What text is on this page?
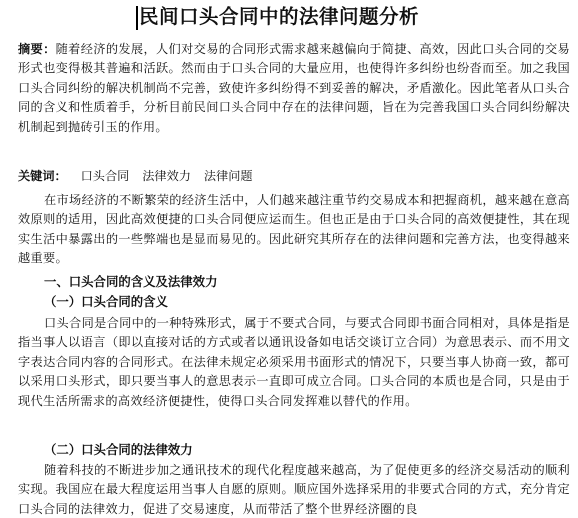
民间口头合同中的法律问题分析

摘要：随着经济的发展，人们对交易的合同形式需求越来越偏向于简捷、高效，因此口头合同的交易形式也变得极其普遍和活跃。然而由于口头合同的大量应用，也使得许多纠纷也纷沓而至。加之我国口头合同纠纷的解决机制尚不完善，致使许多纠纷得不到妥善的解决，矛盾激化。因此笔者从口头合同的含义和性质着手，分析目前民间口头合同中存在的法律问题，旨在为完善我国口头合同纠纷解决机制起到抛砖引玉的作用。

关键词： 口头合同 法律效力 法律问题

在市场经济的不断繁荣的经济生活中，人们越来越注重节约交易成本和把握商机，越来越在意高效原则的适用，因此高效便捷的口头合同便应运而生。但也正是由于口头合同的高效便捷性，其在现实生活中暴露出的一些弊端也是显而易见的。因此研究其所存在的法律问题和完善方法，也变得越来越重要。

一、口头合同的含义及法律效力
（一）口头合同的含义

口头合同是合同中的一种特殊形式，属于不要式合同，与要式合同即书面合同相对，具体是指是指当事人以语言（即以直接对话的方式或者以通讯设备如电话交谈订立合同）为意思表示、而不用文字表达合同内容的合同形式。在法律未规定必须采用书面形式的情况下，只要当事人协商一致，都可以采用口头形式，即只要当事人的意思表示一直即可成立合同。口头合同的本质也是合同，只是由于现代生活所需求的高效经济便捷性，使得口头合同发挥难以替代的作用。

（二）口头合同的法律效力

随着科技的不断进步加之通讯技术的现代化程度越来越高，为了促使更多的经济交易活动的顺利实现。我国应在最大程度运用当事人自愿的原则。顺应国外选择采用的非要式合同的方式，充分肯定口头合同的法律效力，促进了交易速度，从而带活了整个世界经济圈的良
